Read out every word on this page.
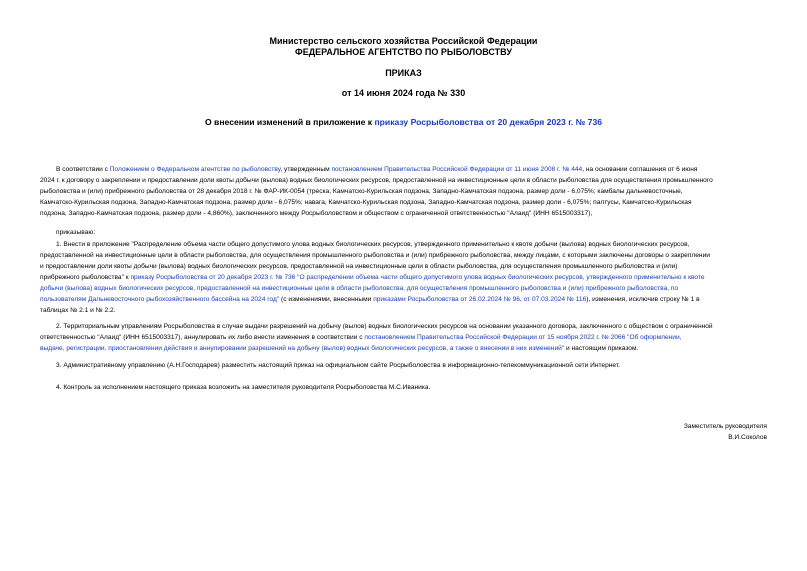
Министерство сельского хозяйства Российской Федерации
ФЕДЕРАЛЬНОЕ АГЕНТСТВО ПО РЫБОЛОВСТВУ
ПРИКАЗ
от 14 июня 2024 года № 330
О внесении изменений в приложение к приказу Росрыболовства от 20 декабря 2023 г. № 736
В соответствии с Положением о Федеральном агентстве по рыболовству, утвержденным постановлением Правительства Российской Федерации от 11 июня 2008 г. № 444, на основании соглашения от 6 июня
2024 г. к договору о закреплении и предоставлении доли квоты добычи (вылова) водных биологических ресурсов, предоставленной на инвестиционные цели в области рыболовства для осуществления промышленного
рыболовства и (или) прибрежного рыболовства от 28 декабря 2018 г. № ФАР-ИК-0054 (треска, Камчатско-Курильская подзона, Западно-Камчатская подзона, размер доли - 6,075%; камбалы дальневосточные,
Камчатско-Курильская подзона, Западно-Камчатская подзона, размер доли - 6,075%; навага, Камчатско-Курильская подзона, Западно-Камчатская подзона, размер доли - 6,075%; палтусы, Камчатско-Курильская
подзона, Западно-Камчатская подзона, размер доли - 4,860%), заключенного между Росрыболовством и обществом с ограниченной ответственностью "Алаид" (ИНН 6515003317),
приказываю:
1. Внести в приложение "Распределение объема части общего допустимого улова водных биологических ресурсов, утвержденного применительно к квоте добычи (вылова) водных биологических ресурсов,
предоставленной на инвестиционные цели в области рыболовства, для осуществления промышленного рыболовства и (или) прибрежного рыболовства, между лицами, с которыми заключены договоры о закреплении
и предоставлении доли квоты добычи (вылова) водных биологических ресурсов, предоставленной на инвестиционные цели в области рыболовства, для осуществления промышленного рыболовства и (или)
прибрежного рыболовства" к приказу Росрыболовства от 20 декабря 2023 г. № 736 "О распределении объема части общего допустимого улова водных биологических ресурсов, утвержденного применительно к квоте
добычи (вылова) водных биологических ресурсов, предоставленной на инвестиционные цели в области рыболовства, для осуществления промышленного рыболовства и (или) прибрежного рыболовства, по
пользователям Дальневосточного рыбохозяйственного бассейна на 2024 год" (с изменениями, внесенными приказами Росрыболовства от 26.02.2024 № 96, от 07.03.2024 № 116), изменения, исключив строку № 1 в
таблицах № 2.1 и № 2.2.
2. Территориальным управлениям Росрыболовства в случае выдачи разрешений на добычу (вылов) водных биологических ресурсов на основании указанного договора, заключенного с обществом с ограниченной
ответственностью "Алаид" (ИНН 6515003317), аннулировать их либо внести изменения в соответствии с постановлением Правительства Российской Федерации от 15 ноября 2022 г. № 2066 "Об оформлении,
выдаче, регистрации, приостановлении действия и аннулировании разрешений на добычу (вылов) водных биологических ресурсов, а также о внесении в них изменений" и настоящим приказом.
3. Административному управлению (А.Н.Господарев) разместить настоящий приказ на официальном сайте Росрыболовства в информационно-телекоммуникационной сети Интернет.
4. Контроль за исполнением настоящего приказа возложить на заместителя руководителя Росрыболовства М.С.Иваника.
Заместитель руководителя
В.И.Соколов
